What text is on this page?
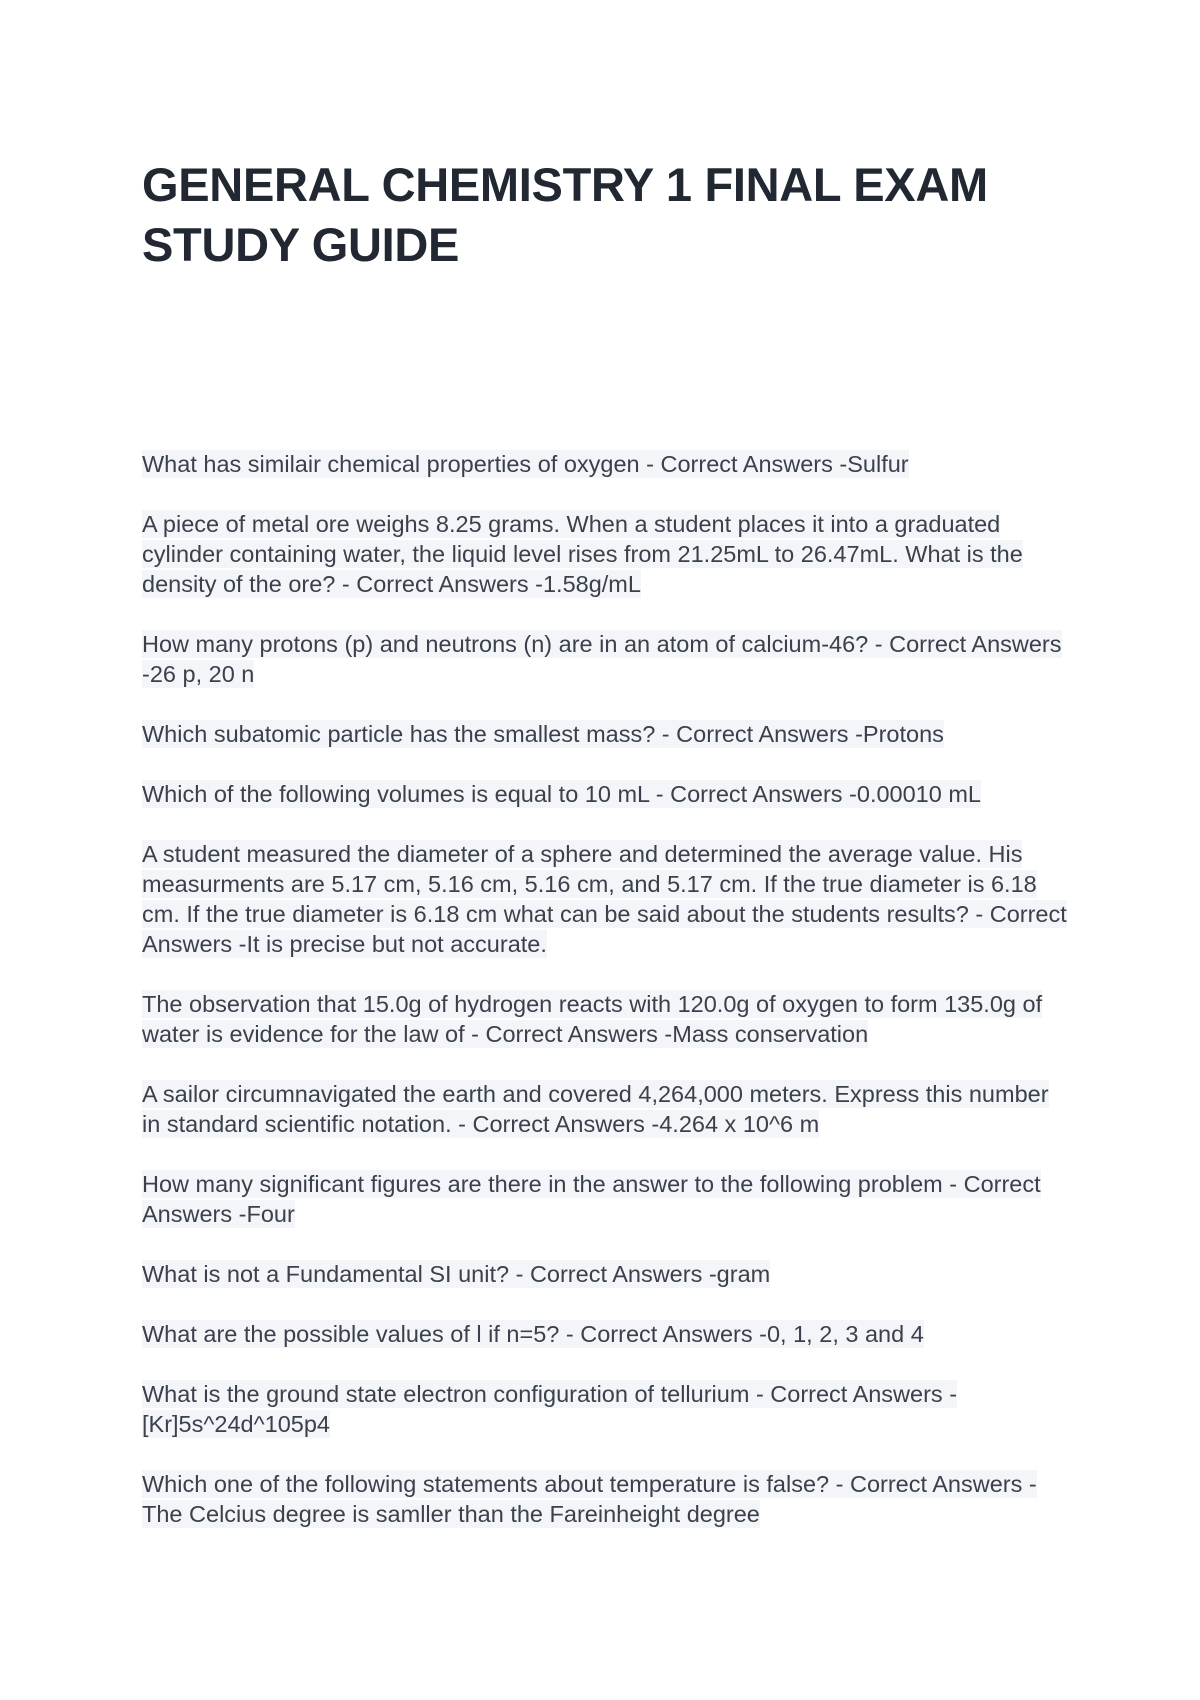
GENERAL CHEMISTRY 1 FINAL EXAM STUDY GUIDE

What has similair chemical properties of oxygen - Correct Answers -Sulfur

A piece of metal ore weighs 8.25 grams. When a student places it into a graduated cylinder containing water, the liquid level rises from 21.25mL to 26.47mL. What is the density of the ore? - Correct Answers -1.58g/mL

How many protons (p) and neutrons (n) are in an atom of calcium-46? - Correct Answers -26 p, 20 n

Which subatomic particle has the smallest mass? - Correct Answers -Protons

Which of the following volumes is equal to 10 mL - Correct Answers -0.00010 mL

A student measured the diameter of a sphere and determined the average value. His measurments are 5.17 cm, 5.16 cm, 5.16 cm, and 5.17 cm. If the true diameter is 6.18 cm. If the true diameter is 6.18 cm what can be said about the students results? - Correct Answers -It is precise but not accurate.

The observation that 15.0g of hydrogen reacts with 120.0g of oxygen to form 135.0g of water is evidence for the law of - Correct Answers -Mass conservation

A sailor circumnavigated the earth and covered 4,264,000 meters. Express this number in standard scientific notation. - Correct Answers -4.264 x 10^6 m

How many significant figures are there in the answer to the following problem - Correct Answers -Four

What is not a Fundamental SI unit? - Correct Answers -gram

What are the possible values of l if n=5? - Correct Answers -0, 1, 2, 3 and 4

What is the ground state electron configuration of tellurium - Correct Answers -[Kr]5s^24d^105p4

Which one of the following statements about temperature is false? - Correct Answers -The Celcius degree is samller than the Fareinheight degree
